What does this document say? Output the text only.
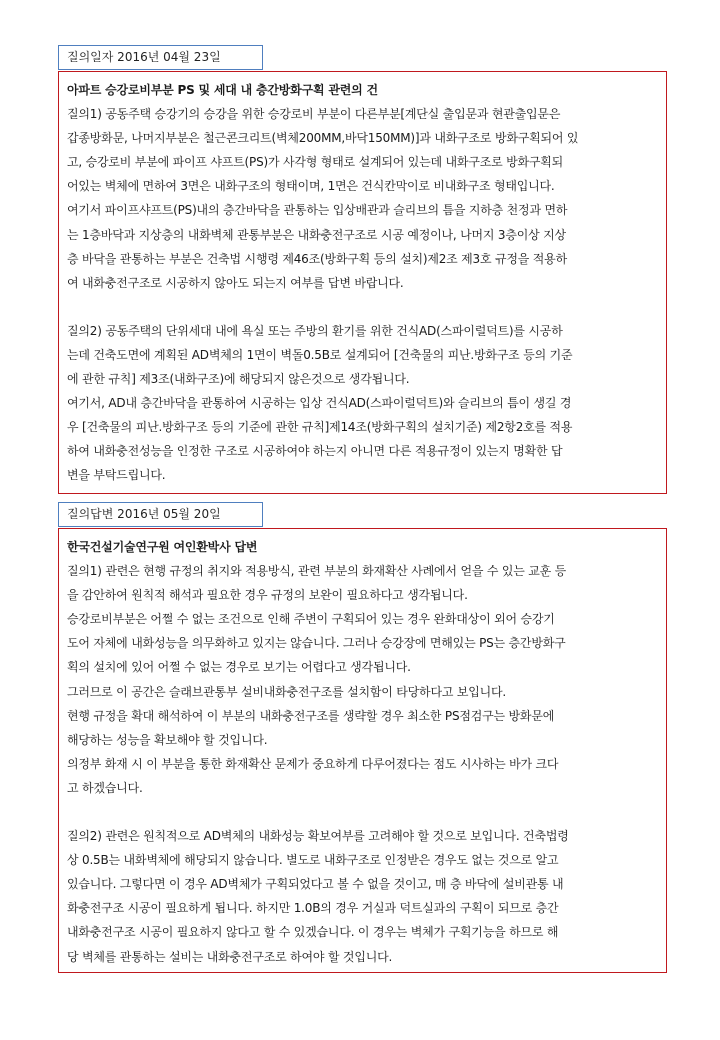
질의일자 2016년 04월 23일

아파트 승강로비부분 PS 및 세대 내 층간방화구획 관련의 건

질의1) 공동주택 승강기의 승강을 위한 승강로비 부분이 다른부분[계단실 출입문과 현관출입문은

갑종방화문, 나머지부분은 철근콘크리트(벽체200MM,바닥150MM)]과 내화구조로 방화구획되어 있

고, 승강로비 부분에 파이프 샤프트(PS)가 사각형 형태로 설계되어 있는데 내화구조로 방화구획되

어있는 벽체에 면하여 3면은 내화구조의 형태이며, 1면은 건식칸막이로 비내화구조 형태입니다.

여기서 파이프샤프트(PS)내의 층간바닥을 관통하는 입상배관과 슬리브의 틈을 지하층 천정과 면하

는 1층바닥과 지상층의 내화벽체 관통부분은 내화충전구조로 시공 예정이나, 나머지 3층이상 지상

층 바닥을 관통하는 부분은 건축법 시행령 제46조(방화구획 등의 설치)제2조 제3호 규정을 적용하

여 내화충전구조로 시공하지 않아도 되는지 여부를 답변 바랍니다.

질의2) 공동주택의 단위세대 내에 욕실 또는 주방의 환기를 위한 건식AD(스파이럴덕트)를 시공하

는데 건축도면에 계획된 AD벽체의 1면이 벽돌0.5B로 설계되어 [건축물의 피난.방화구조 등의 기준

에 관한 규칙] 제3조(내화구조)에 해당되지 않은것으로 생각됩니다.

여기서, AD내 층간바닥을 관통하여 시공하는 입상 건식AD(스파이럴덕트)와 슬리브의 틈이 생길 경

우 [건축물의 피난.방화구조 등의 기준에 관한 규칙]제14조(방화구획의 설치기준) 제2항2호를 적용

하여 내화충전성능을 인정한 구조로 시공하여야 하는지 아니면 다른 적용규정이 있는지 명확한 답

변을 부탁드립니다.

질의답변 2016년 05월 20일

한국건설기술연구원 여인환박사 답변

질의1) 관련은 현행 규정의 취지와 적용방식, 관련 부분의 화재확산 사례에서 얻을 수 있는 교훈 등

을 감안하여 원칙적 해석과 필요한 경우 규정의 보완이 필요하다고 생각됩니다.

승강로비부분은 어쩔 수 없는 조건으로 인해 주변이 구획되어 있는 경우 완화대상이 외어 승강기

도어 자체에 내화성능을 의무화하고 있지는 않습니다. 그러나 승강장에 면해있는 PS는 층간방화구

획의 설치에 있어 어쩔 수 없는 경우로 보기는 어렵다고 생각됩니다.

그러므로 이 공간은 슬래브관통부 설비내화충전구조를 설치함이 타당하다고 보입니다.

현행 규정을 확대 해석하여 이 부분의 내화충전구조를 생략할 경우 최소한 PS점검구는 방화문에

해당하는 성능을 확보해야 할 것입니다.

의정부 화재 시 이 부분을 통한 화재확산 문제가 중요하게 다루어졌다는 점도 시사하는 바가 크다

고 하겠습니다.

질의2) 관련은 원칙적으로 AD벽체의 내화성능 확보여부를 고려해야 할 것으로 보입니다. 건축법령

상 0.5B는 내화벽체에 해당되지 않습니다. 별도로 내화구조로 인정받은 경우도 없는 것으로 알고

있습니다. 그렇다면 이 경우 AD벽체가 구획되었다고 볼 수 없을 것이고, 매 층 바닥에 설비관통 내

화충전구조 시공이 필요하게 됩니다. 하지만 1.0B의 경우 거실과 덕트실과의 구획이 되므로 층간

내화충전구조 시공이 필요하지 않다고 할 수 있겠습니다. 이 경우는 벽체가 구획기능을 하므로 해

당 벽체를 관통하는 설비는 내화충전구조로 하여야 할 것입니다.
